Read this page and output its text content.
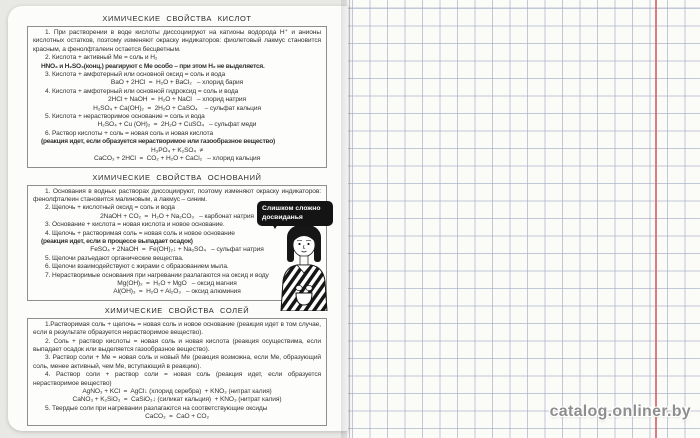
ХИМИЧЕСКИЕ СВОЙСТВА КИСЛОТ
1. При растворении в воде кислоты диссоциируют на катионы водорода H⁺ и анионы кислотных остатков, поэтому изменяют окраску индикаторов: фиолетовый лакмус становится красным, а фенолфталеин остается бесцветным.
2. Кислота + активный Me = соль и H₂
HNO₃ и H₂SO₄(конц.) реагируют с Me особо – при этом H₂ не выделяется.
3. Кислота + амфотерный или основной оксид = соль и вода
BaO + 2HCl  =  H₂O + BaCl₂   – хлорид бария
4. Кислота + амфотерный или основной гидроксид = соль и вода
2HCl + NaOH  =  H₂O + NaCl   – хлорид натрия
H₂SO₄ + Ca(OH)₂  =  2H₂O + CaSO₄    – сульфат кальция
5. Кислота + нерастворимое основание = соль и вода
H₂SO₄ + Cu (OH)₂  =  2H₂O + CuSO₄   – сульфат меди
6. Раствор кислоты + соль = новая соль и новая кислота
(реакция идет, если образуется нерастворимое или газообразное вещество)
H₃PO₄ + K₂SO₄  ≠
CaCO₃ + 2HCl  =  CO₂ + H₂O + CaCl₂   – хлорид кальция
ХИМИЧЕСКИЕ СВОЙСТВА ОСНОВАНИЙ
1. Основания в водных растворах диссоциируют, поэтому изменяют окраску индикаторов: фенолфталеин становится малиновым, а лакмус – синим.
2. Щелочь + кислотный оксид = соль и вода
2NaOH + CO₂  =  H₂O + Na₂CO₃   – карбонат натрия
3. Основание + кислота = новая кислота и новое основание.
4. Щелочь + растворимая соль = новая соль и новое основание
(реакция идет, если в процессе выпадает осадок)
FeSO₄ + 2NaOH  =  Fe(OH)₂↓ + Na₂SO₄   – сульфат натрия
5. Щелочи разъедают органические вещества.
6. Щелочи взаимодействуют с жирами с образованием мыла.
7. Нерастворимые основания при нагревании разлагаются на оксид и воду
Mg(OH)₂  =  H₂O + MgO   – оксид магния
Al(OH)₃  =  H₂O + Al₂O₃   – оксид алюминия
ХИМИЧЕСКИЕ СВОЙСТВА СОЛЕЙ
1.Растворимая соль + щелочь = новая соль и новое основание (реакция идет в том случае, если в результате образуется нерастворимое вещество).
2. Соль + раствор кислоты = новая соль и новая кислота (реакция осуществима, если выпадает осадок или выделяется газообразное вещество).
3. Раствор соли + Me = новая соль и новый Me (реакция возможна, если Me, образующий соль, менее активный, чем Me, вступающий в реакцию).
4. Раствор соли + раствор соли = новая соль (реакция идет, если образуется нерастворимое вещество)
AgNO₃ + KCl  =  AgCl↓ (хлорид серебра)  + KNO₃ (нитрат калия)
CaNO₃ + K₂SiO₃  =  CaSiO₃↓ (силикат кальция)  + KNO₃ (нитрат калия)
5. Твердые соли при нагревании разлагаются на соответствующие оксиды
CaCO₃  =  CaO + CO₂
Слишком сложно
досвиданья
catalog.onliner.by
